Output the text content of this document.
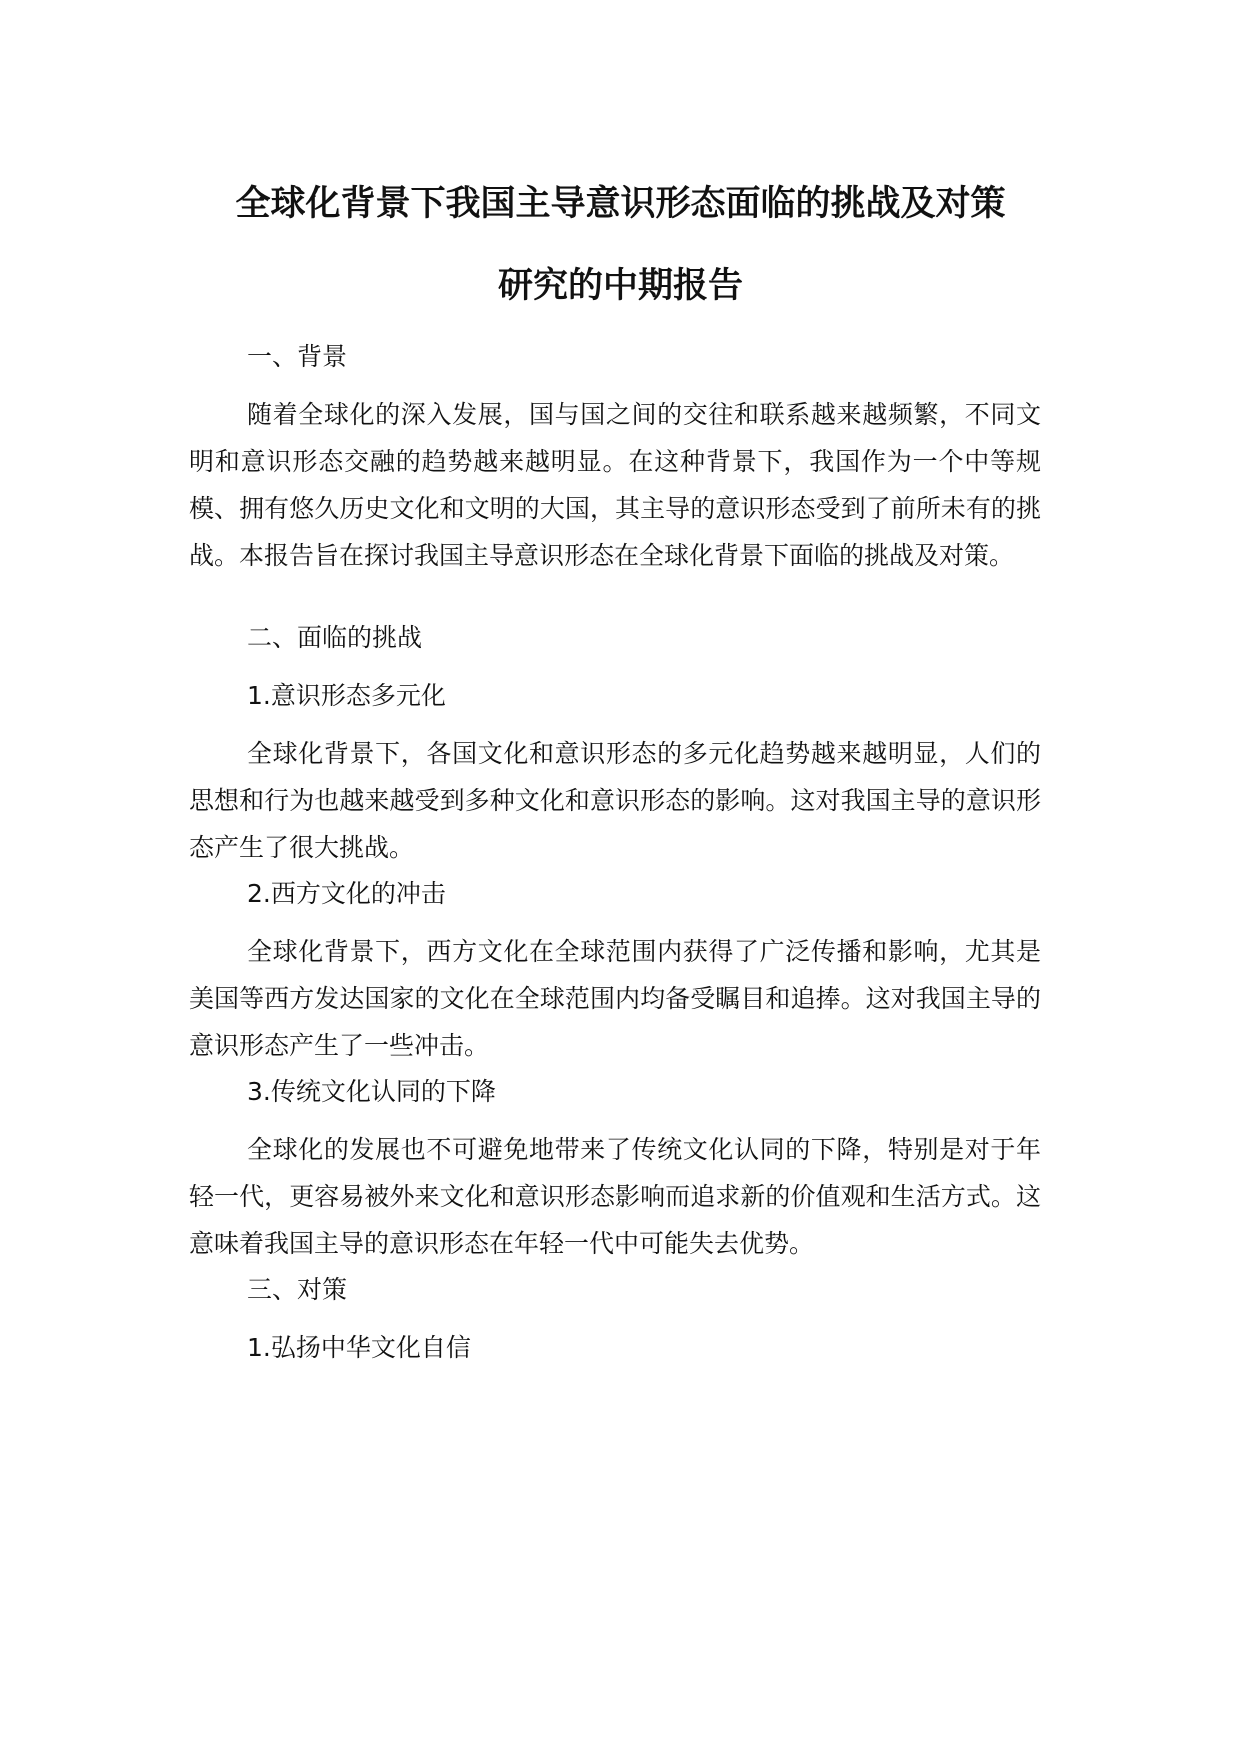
全球化背景下我国主导意识形态面临的挑战及对策
研究的中期报告

一、背景

随着全球化的深入发展，国与国之间的交往和联系越来越频繁，不同文明和意识形态交融的趋势越来越明显。在这种背景下，我国作为一个中等规模、拥有悠久历史文化和文明的大国，其主导的意识形态受到了前所未有的挑战。本报告旨在探讨我国主导意识形态在全球化背景下面临的挑战及对策。

二、面临的挑战

1.意识形态多元化

全球化背景下，各国文化和意识形态的多元化趋势越来越明显，人们的思想和行为也越来越受到多种文化和意识形态的影响。这对我国主导的意识形态产生了很大挑战。

2.西方文化的冲击

全球化背景下，西方文化在全球范围内获得了广泛传播和影响，尤其是美国等西方发达国家的文化在全球范围内均备受瞩目和追捧。这对我国主导的意识形态产生了一些冲击。

3.传统文化认同的下降

全球化的发展也不可避免地带来了传统文化认同的下降，特别是对于年轻一代，更容易被外来文化和意识形态影响而追求新的价值观和生活方式。这意味着我国主导的意识形态在年轻一代中可能失去优势。

三、对策

1.弘扬中华文化自信
